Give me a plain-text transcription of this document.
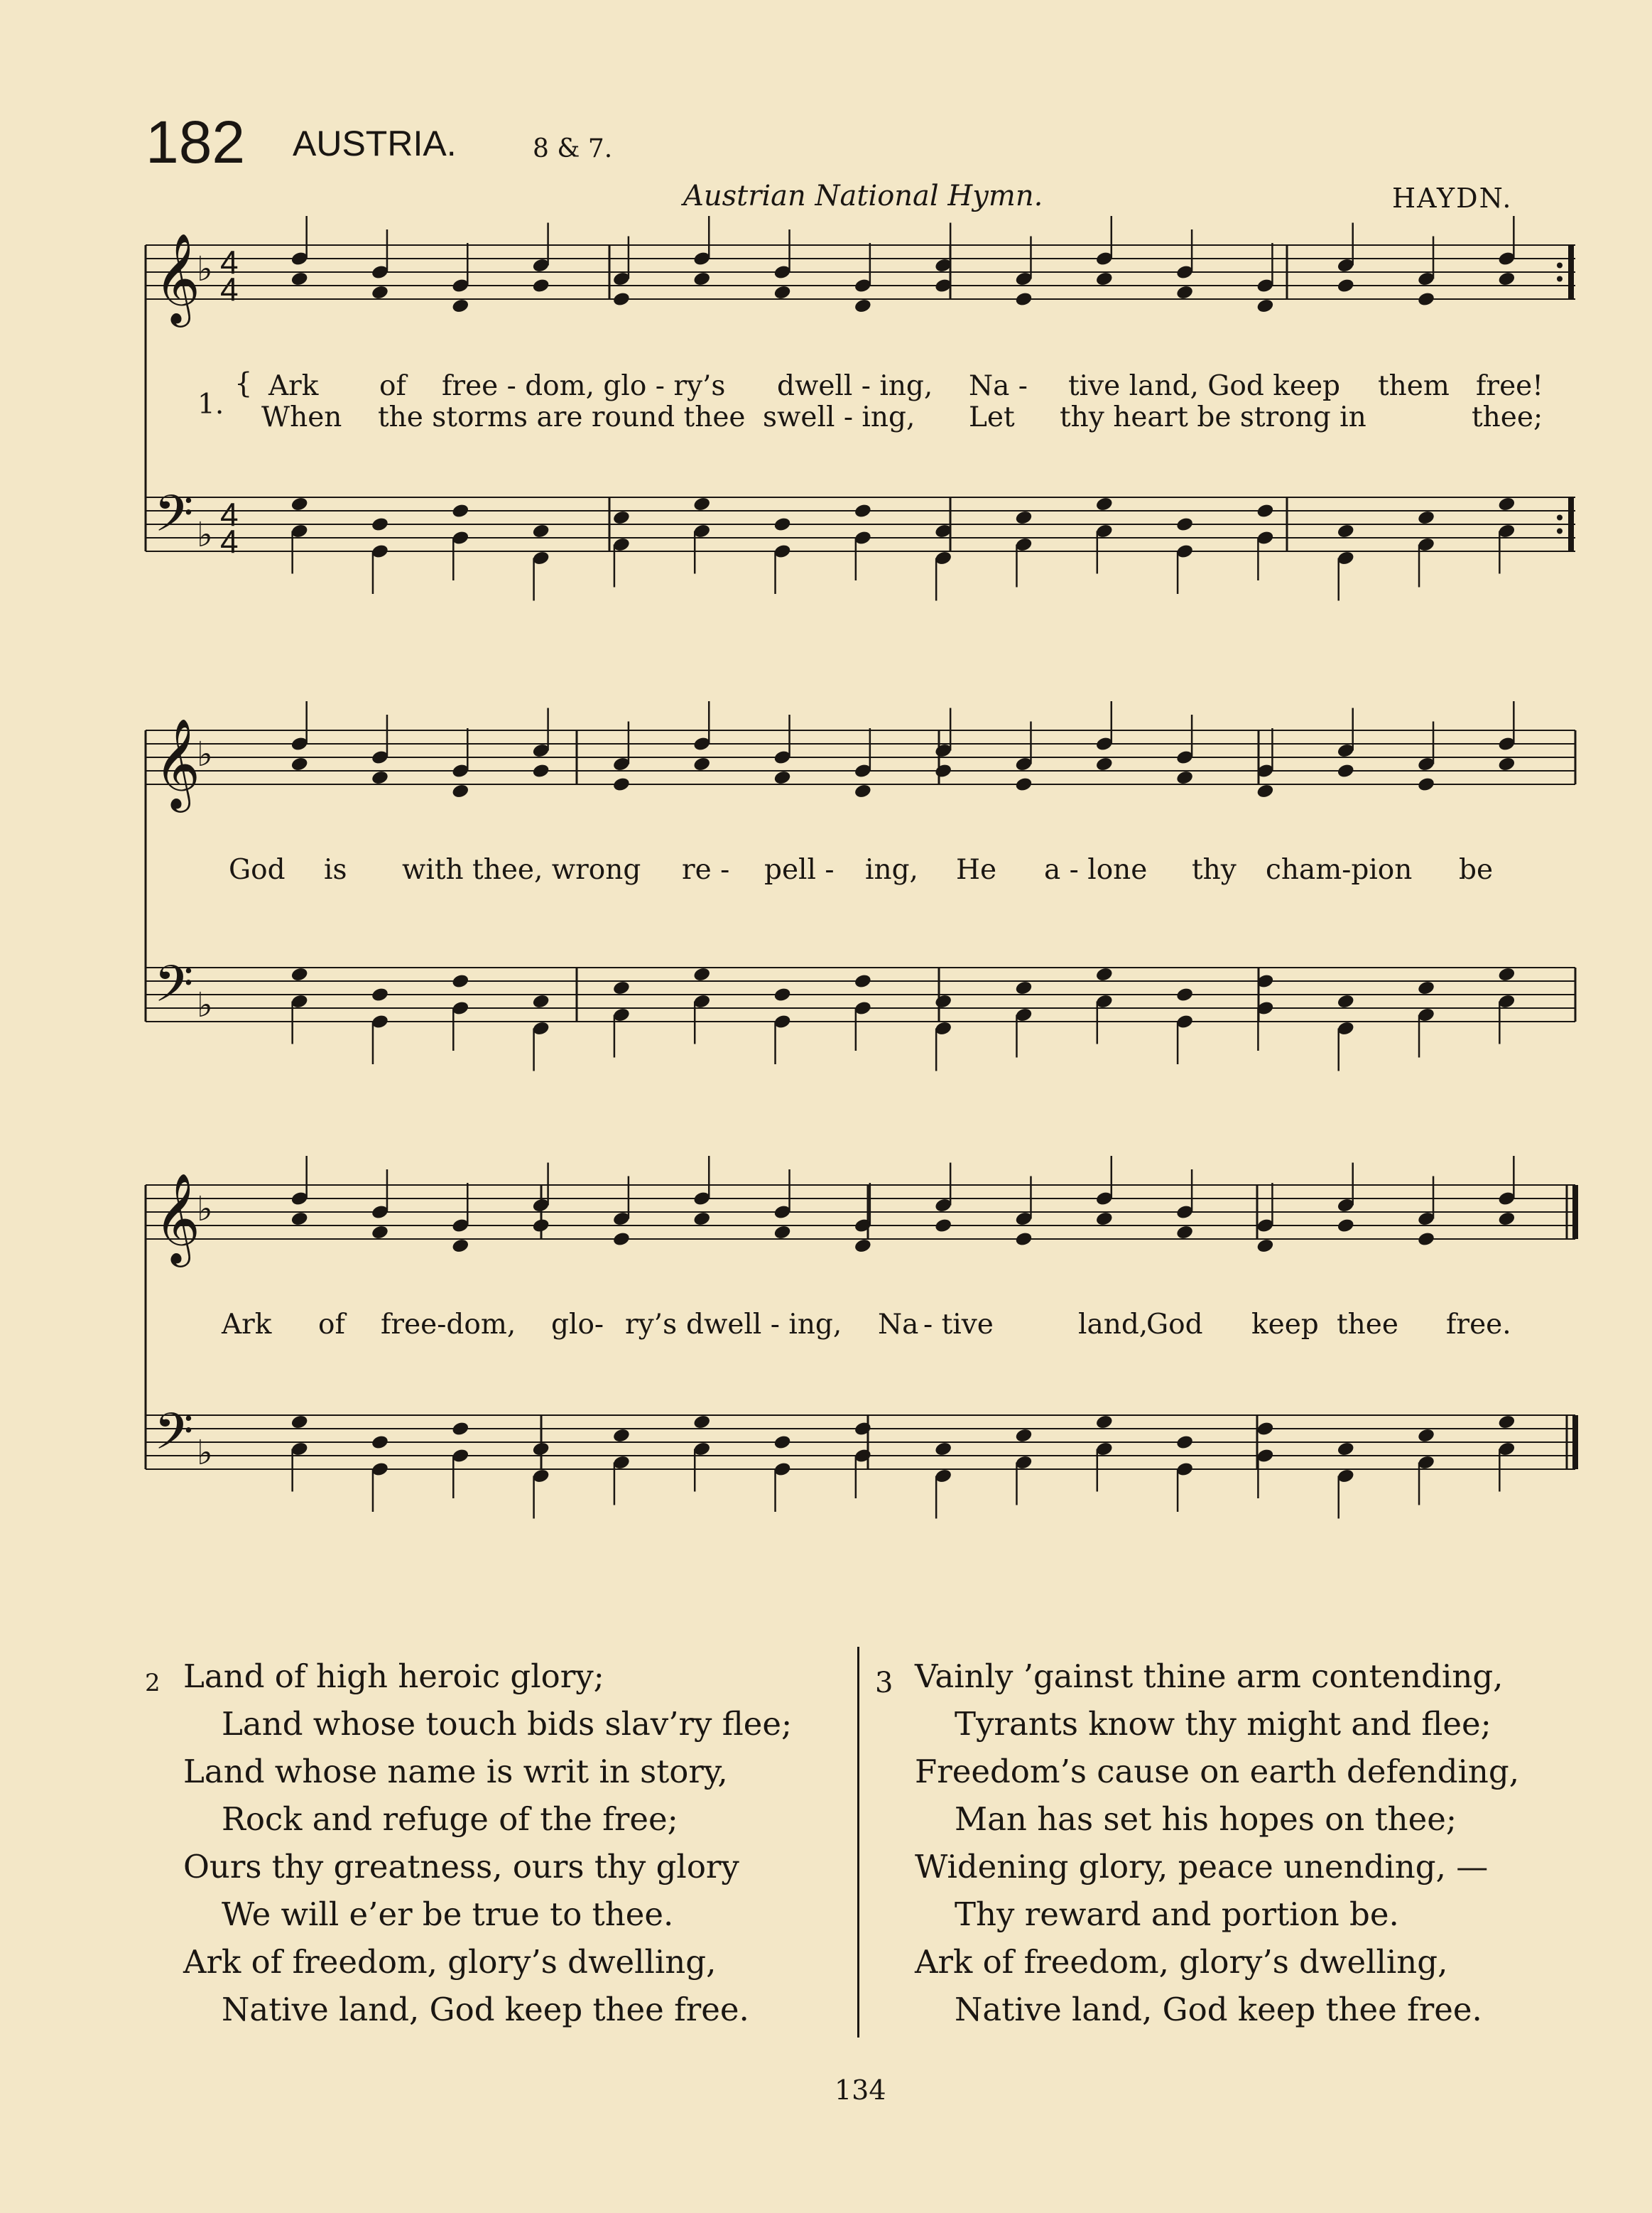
182 AUSTRIA.	8 & 7.
Austrian National Hymn.	HAYDN.
𝄞
♭ 4
4
𝄢 ♭
4
4
𝄞
♭
𝄢 ♭
𝄞
♭
𝄢 ♭
1.
{ Ark of free - dom, glo - ry’s dwell - ing, Na - tive land, God keep them free!
When the storms are round thee swell - ing, Let thy heart be strong in	thee;
God is with thee, wrong re - pell - ing, He a - lone thy cham-pion be
Ark of free-dom, glo- ry’s dwell - ing, Na - tive	land,
God keep thee free.
2 Land of high heroic glory;
Land whose touch bids slav’ry flee;
Land whose name is writ in story,
Rock and refuge of the free;
Ours thy greatness, ours thy glory
We will e’er be true to thee.
Ark of freedom, glory’s dwelling,
Native land, God keep thee free.
3 Vainly ’gainst thine arm contending,
Tyrants know thy might and flee;
Freedom’s cause on earth defending,
Man has set his hopes on thee;
Widening glory, peace unending, —
Thy reward and portion be.
Ark of freedom, glory’s dwelling,
Native land, God keep thee free.
134
